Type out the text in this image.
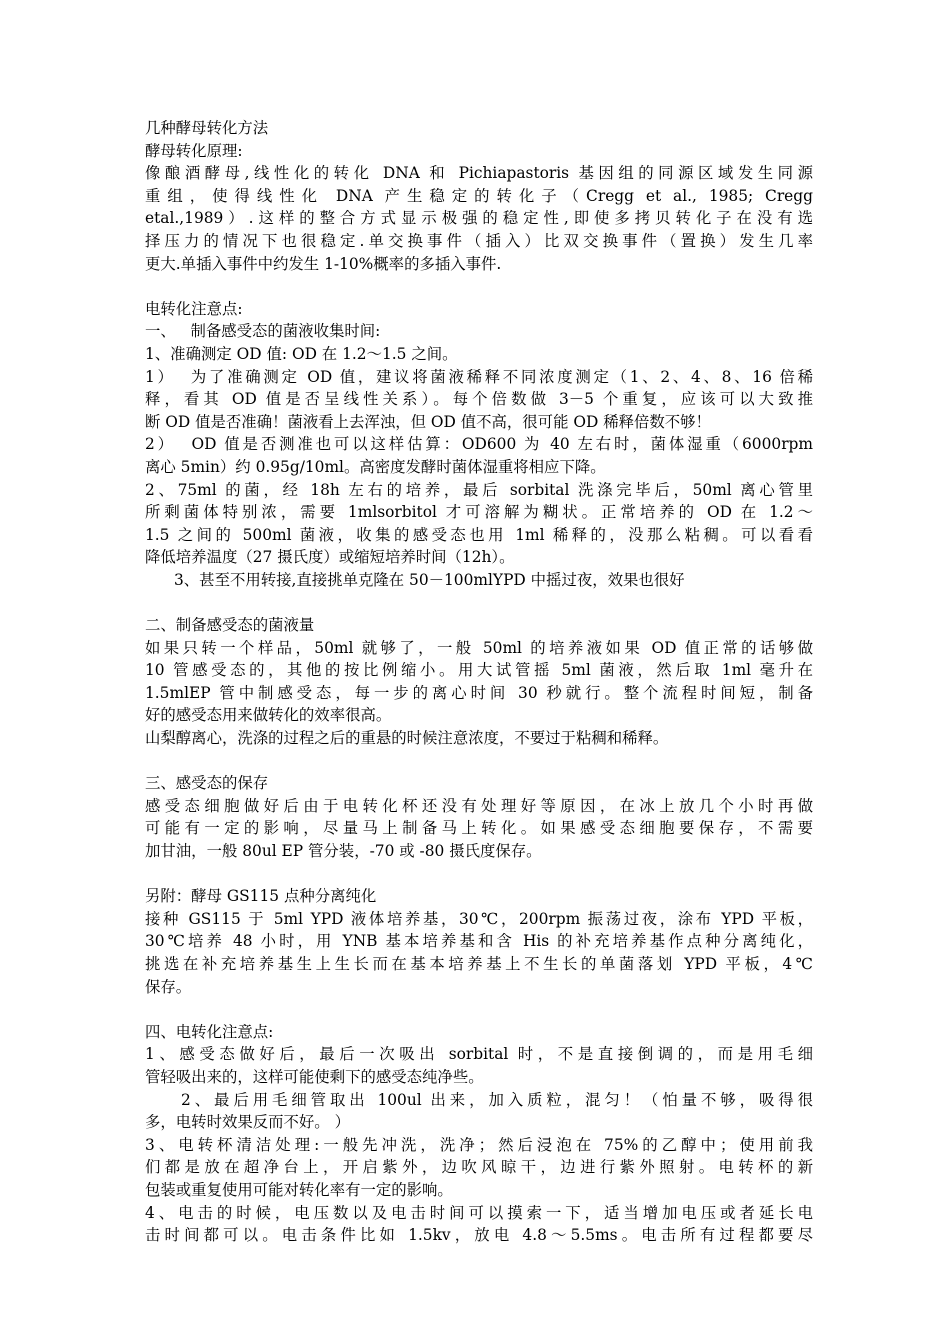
几种酵母转化方法
酵母转化原理:
像酿酒酵母,线性化的转化 DNA 和 Pichiapastoris 基因组的同源区域发生同源
重组，使得线性化 DNA 产生稳定的转化子（Cregg et al., 1985; Cregg
etal.,1989）.这样的整合方式显示极强的稳定性,即使多拷贝转化子在没有选
择压力的情况下也很稳定.单交换事件（插入）比双交换事件（置换）发生几率
更大.单插入事件中约发生 1-10%概率的多插入事件.
电转化注意点:
一、   制备感受态的菌液收集时间:
1、准确测定 OD 值: OD 在 1.2～1.5 之间。
1）  为了准确测定 OD 值，建议将菌液稀释不同浓度测定（1、2、4、8、16 倍稀
释，看其 OD 值是否呈线性关系）。每个倍数做 3－5 个重复，应该可以大致推
断 OD 值是否准确！菌液看上去浑浊，但 OD 值不高，很可能 OD 稀释倍数不够！
2）  OD 值是否测准也可以这样估算：OD600 为 40 左右时，菌体湿重（6000rpm
离心 5min）约 0.95g/10ml。高密度发酵时菌体湿重将相应下降。
2、75ml 的菌，经 18h 左右的培养，最后 sorbital 洗涤完毕后，50ml 离心管里
所剩菌体特别浓，需要 1mlsorbitol 才可溶解为糊状。正常培养的 OD 在 1.2～
1.5 之间的 500ml 菌液，收集的感受态也用 1ml 稀释的，没那么粘稠。可以看看
降低培养温度（27 摄氏度）或缩短培养时间（12h）。
3、甚至不用转接,直接挑单克隆在 50－100mlYPD 中摇过夜，效果也很好
二、制备感受态的菌液量
如果只转一个样品，50ml 就够了，一般 50ml 的培养液如果 OD 值正常的话够做
10 管感受态的，其他的按比例缩小。用大试管摇 5ml 菌液，然后取 1ml 毫升在
1.5mlEP 管中制感受态，每一步的离心时间 30 秒就行。整个流程时间短，制备
好的感受态用来做转化的效率很高。
山梨醇离心，洗涤的过程之后的重悬的时候注意浓度，不要过于粘稠和稀释。
三、感受态的保存
感受态细胞做好后由于电转化杯还没有处理好等原因，在冰上放几个小时再做
可能有一定的影响，尽量马上制备马上转化。如果感受态细胞要保存，不需要
加甘油，一般 80ul EP 管分装，-70 或 -80 摄氏度保存。
另附：酵母 GS115 点种分离纯化
接种 GS115 于 5ml YPD 液体培养基，30℃，200rpm 振荡过夜，涂布 YPD 平板，
30℃培养 48 小时，用 YNB 基本培养基和含 His 的补充培养基作点种分离纯化，
挑选在补充培养基生上生长而在基本培养基上不生长的单菌落划 YPD 平板，4℃
保存。
四、电转化注意点:
1、感受态做好后，最后一次吸出 sorbital 时，不是直接倒调的，而是用毛细
管轻吸出来的，这样可能使剩下的感受态纯净些。
2、最后用毛细管取出 100ul 出来，加入质粒，混匀！（怕量不够，吸得很
多，电转时效果反而不好。 ）
3、电转杯清洁处理:一般先冲洗，洗净；然后浸泡在 75%的乙醇中；使用前我
们都是放在超净台上，开启紫外，边吹风晾干，边进行紫外照射。电转杯的新
包装或重复使用可能对转化率有一定的影响。
4、电击的时候，电压数以及电击时间可以摸索一下，适当增加电压或者延长电
击时间都可以。电击条件比如 1.5kv，放电 4.8～5.5ms。电击所有过程都要尽
